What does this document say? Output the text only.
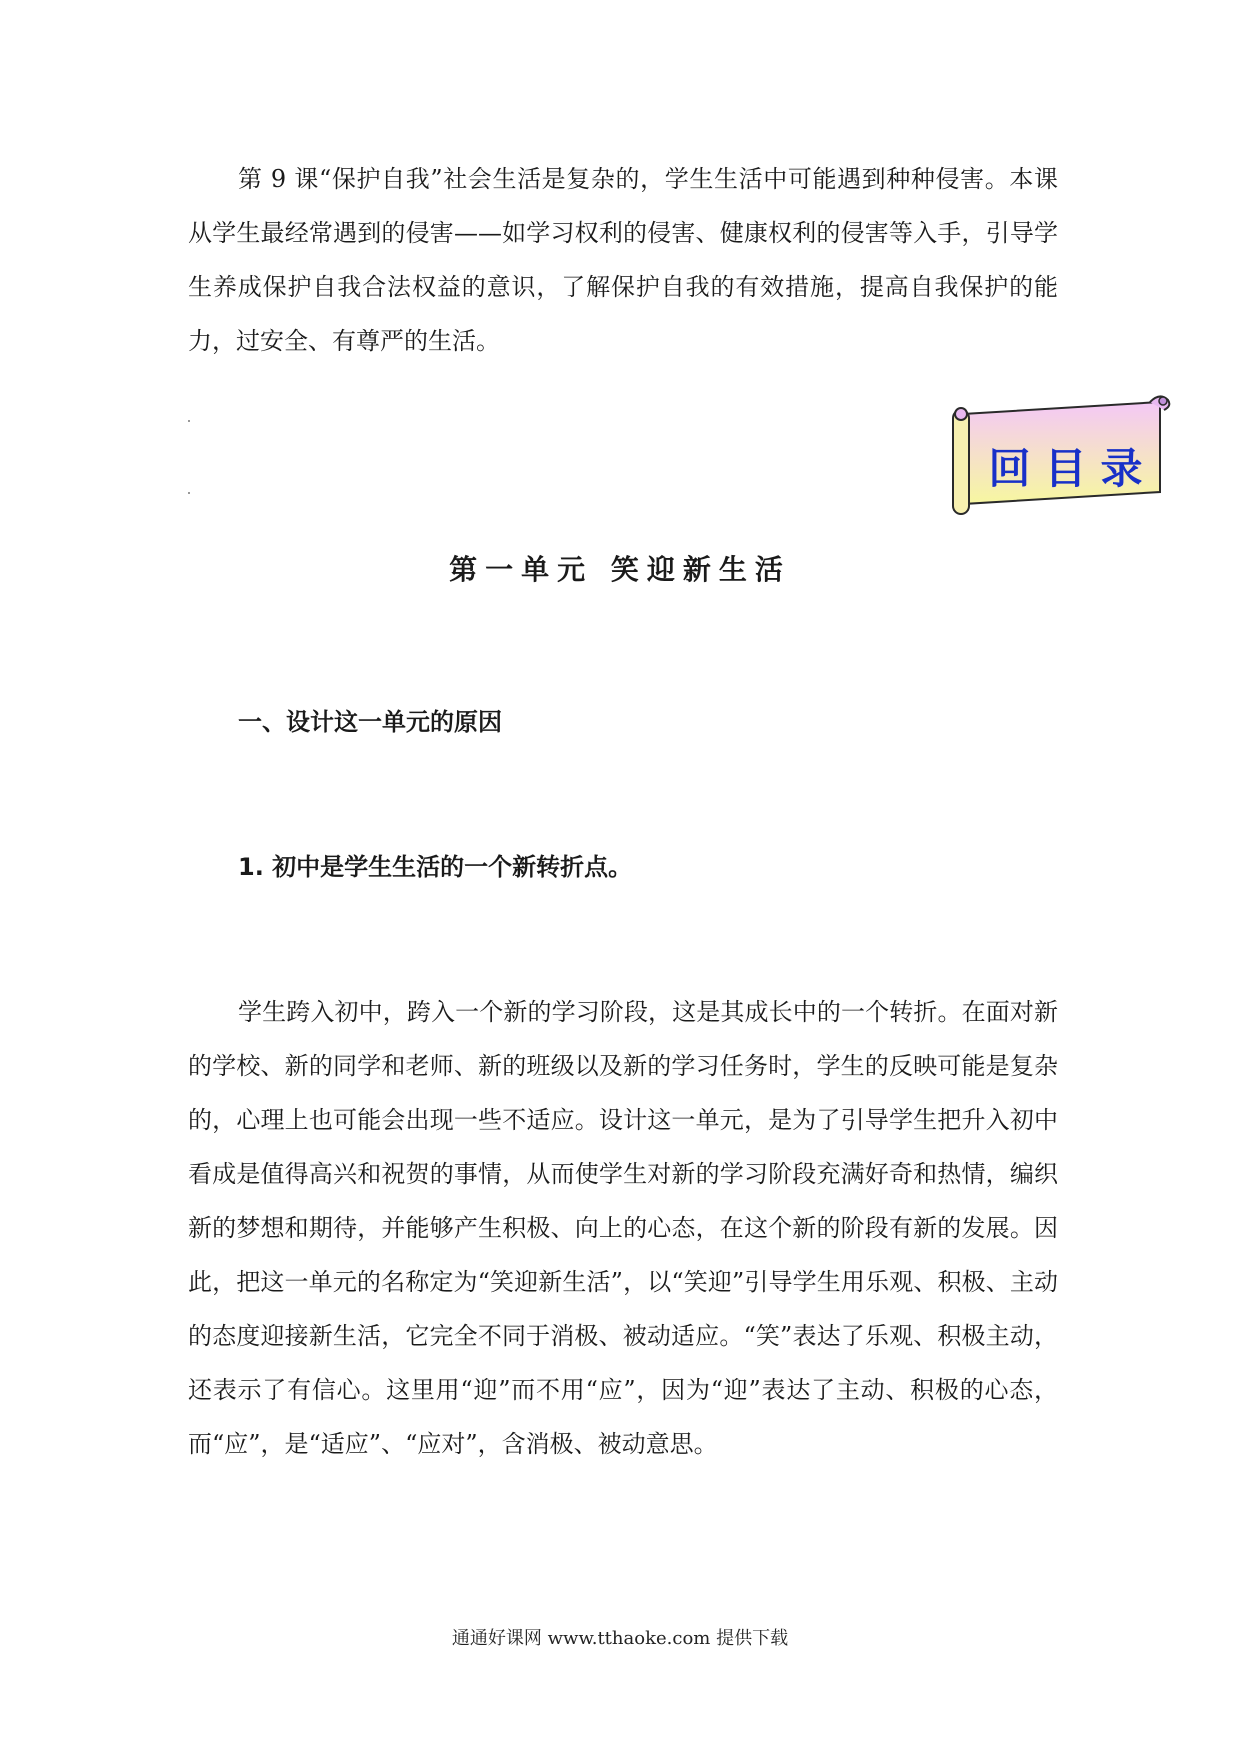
第 9 课“保护自我”社会生活是复杂的，学生生活中可能遇到种种侵害。本课从学生最经常遇到的侵害——如学习权利的侵害、健康权利的侵害等入手，引导学生养成保护自我合法权益的意识，了解保护自我的有效措施，提高自我保护的能力，过安全、有尊严的生活。

回目录
第一单元 笑迎新生活
一、设计这一单元的原因
1. 初中是学生生活的一个新转折点。

学生跨入初中，跨入一个新的学习阶段，这是其成长中的一个转折。在面对新的学校、新的同学和老师、新的班级以及新的学习任务时，学生的反映可能是复杂的，心理上也可能会出现一些不适应。设计这一单元，是为了引导学生把升入初中看成是值得高兴和祝贺的事情，从而使学生对新的学习阶段充满好奇和热情，编织新的梦想和期待，并能够产生积极、向上的心态，在这个新的阶段有新的发展。因此，把这一单元的名称定为“笑迎新生活”，以“笑迎”引导学生用乐观、积极、主动的态度迎接新生活，它完全不同于消极、被动适应。“笑”表达了乐观、积极主动，还表示了有信心。这里用“迎”而不用“应”，因为“迎”表达了主动、积极的心态，而“应”，是“适应”、“应对”，含消极、被动意思。

通通好课网 www.tthaoke.com 提供下载
